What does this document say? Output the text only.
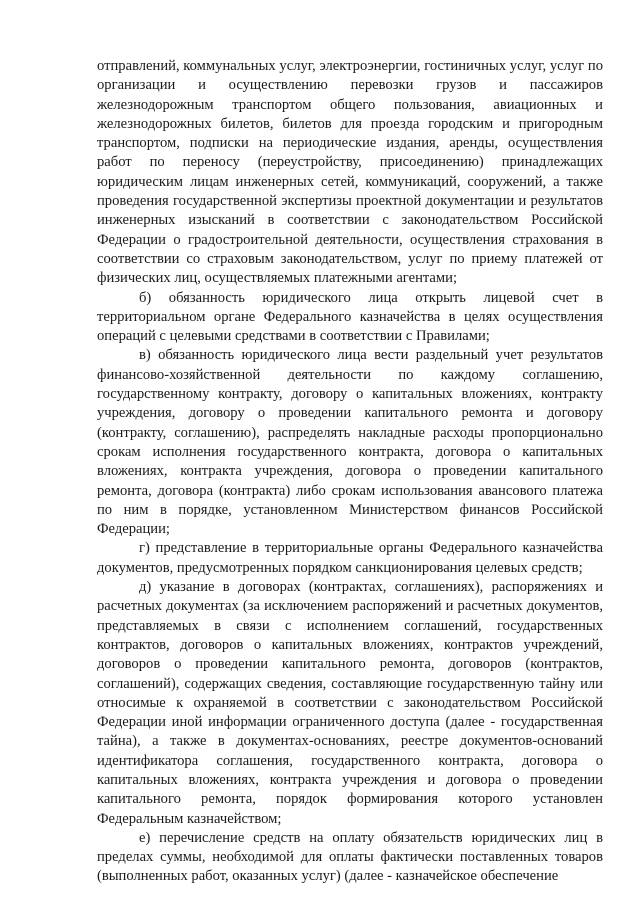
отправлений, коммунальных услуг, электроэнергии, гостиничных услуг, услуг по организации и осуществлению перевозки грузов и пассажиров железнодорожным транспортом общего пользования, авиационных и железнодорожных билетов, билетов для проезда городским и пригородным транспортом, подписки на периодические издания, аренды, осуществления работ по переносу (переустройству, присоединению) принадлежащих юридическим лицам инженерных сетей, коммуникаций, сооружений, а также проведения государственной экспертизы проектной документации и результатов инженерных изысканий в соответствии с законодательством Российской Федерации о градостроительной деятельности, осуществления страхования в соответствии со страховым законодательством, услуг по приему платежей от физических лиц, осуществляемых платежными агентами;

б) обязанность юридического лица открыть лицевой счет в территориальном органе Федерального казначейства в целях осуществления операций с целевыми средствами в соответствии с Правилами;

в) обязанность юридического лица вести раздельный учет результатов финансово-хозяйственной деятельности по каждому соглашению, государственному контракту, договору о капитальных вложениях, контракту учреждения, договору о проведении капитального ремонта и договору (контракту, соглашению), распределять накладные расходы пропорционально срокам исполнения государственного контракта, договора о капитальных вложениях, контракта учреждения, договора о проведении капитального ремонта, договора (контракта) либо срокам использования авансового платежа по ним в порядке, установленном Министерством финансов Российской Федерации;

г) представление в территориальные органы Федерального казначейства документов, предусмотренных порядком санкционирования целевых средств;

д) указание в договорах (контрактах, соглашениях), распоряжениях и расчетных документах (за исключением распоряжений и расчетных документов, представляемых в связи с исполнением соглашений, государственных контрактов, договоров о капитальных вложениях, контрактов учреждений, договоров о проведении капитального ремонта, договоров (контрактов, соглашений), содержащих сведения, составляющие государственную тайну или относимые к охраняемой в соответствии с законодательством Российской Федерации иной информации ограниченного доступа (далее - государственная тайна), а также в документах-основаниях, реестре документов-оснований идентификатора соглашения, государственного контракта, договора о капитальных вложениях, контракта учреждения и договора о проведении капитального ремонта, порядок формирования которого установлен Федеральным казначейством;

е) перечисление средств на оплату обязательств юридических лиц в пределах суммы, необходимой для оплаты фактически поставленных товаров (выполненных работ, оказанных услуг) (далее - казначейское обеспечение
